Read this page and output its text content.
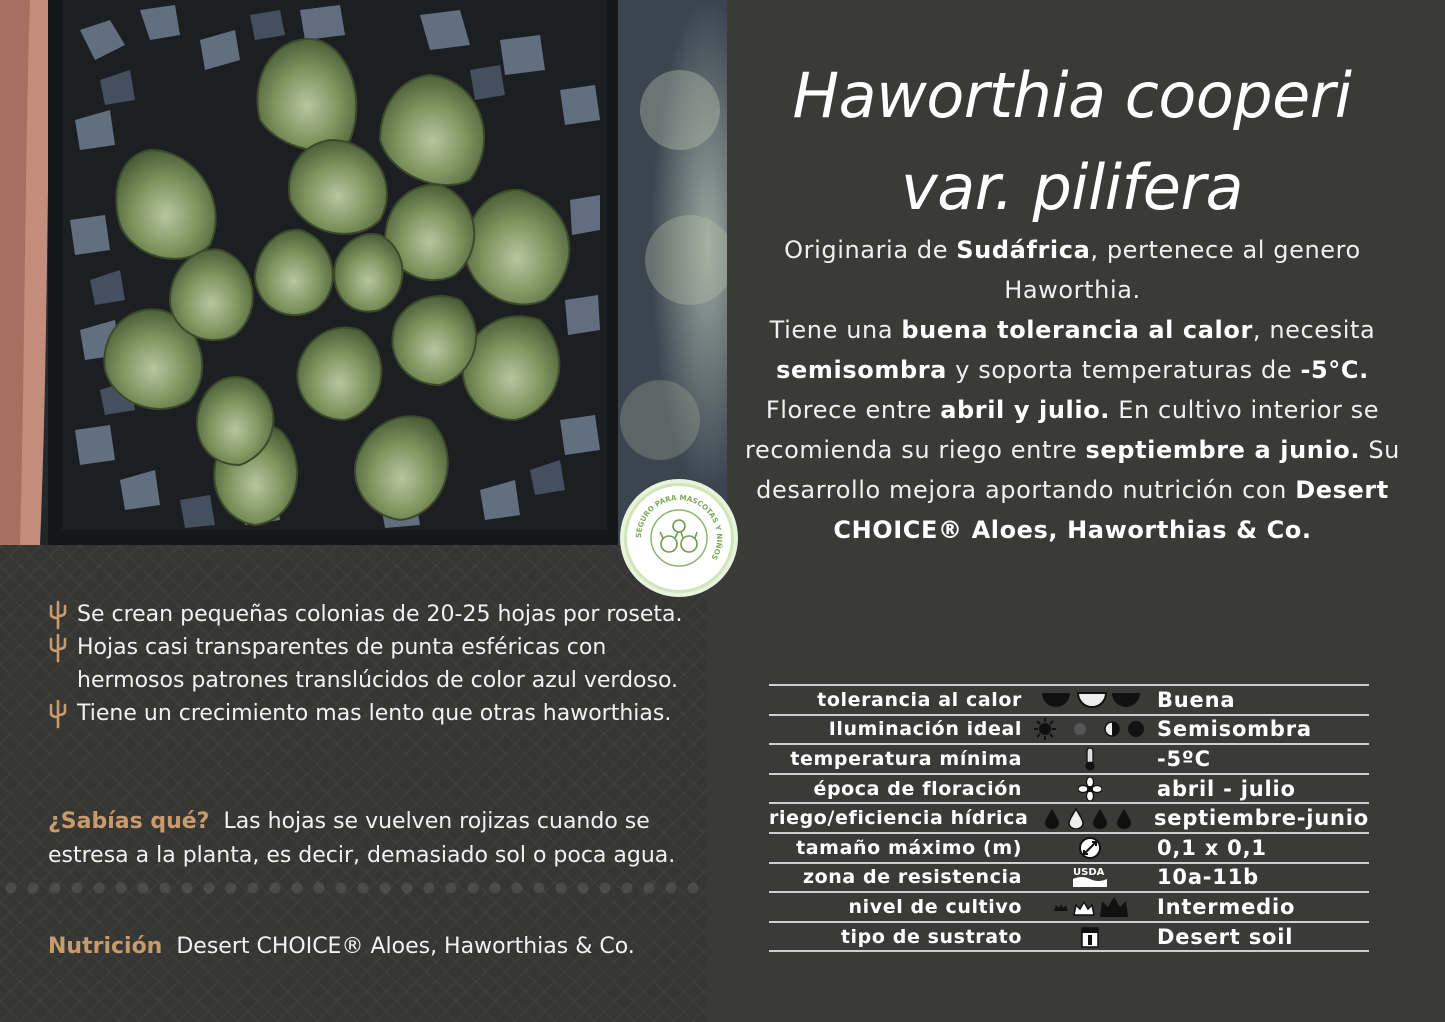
SEGURO PARA MASCOTAS Y NIÑOS
Haworthia cooperi var. pilifera
Originaria de Sudáfrica, pertenece al genero Haworthia.
Tiene una buena tolerancia al calor, necesita semisombra y soporta temperaturas de -5°C.
Florece entre abril y julio. En cultivo interior se recomienda su riego entre septiembre a junio. Su desarrollo mejora aportando nutrición con Desert CHOICE® Aloes, Haworthias & Co.
Se crean pequeñas colonias de 20-25 hojas por roseta.
Hojas casi transparentes de punta esféricas con hermosos patrones translúcidos de color azul verdoso.
Tiene un crecimiento mas lento que otras haworthias.
¿Sabías qué? Las hojas se vuelven rojizas cuando se estresa a la planta, es decir, demasiado sol o poca agua.
Nutrición Desert CHOICE® Aloes, Haworthias & Co.
tolerancia al calor	Buena
Iluminación ideal	Semisombra
temperatura mínima	-5ºC
época de floración	abril - julio
riego/eficiencia hídrica	septiembre-junio
tamaño máximo (m)	0,1 x 0,1
zona de resistencia	USDA	10a-11b
nivel de cultivo	Intermedio
tipo de sustrato	Desert soil
